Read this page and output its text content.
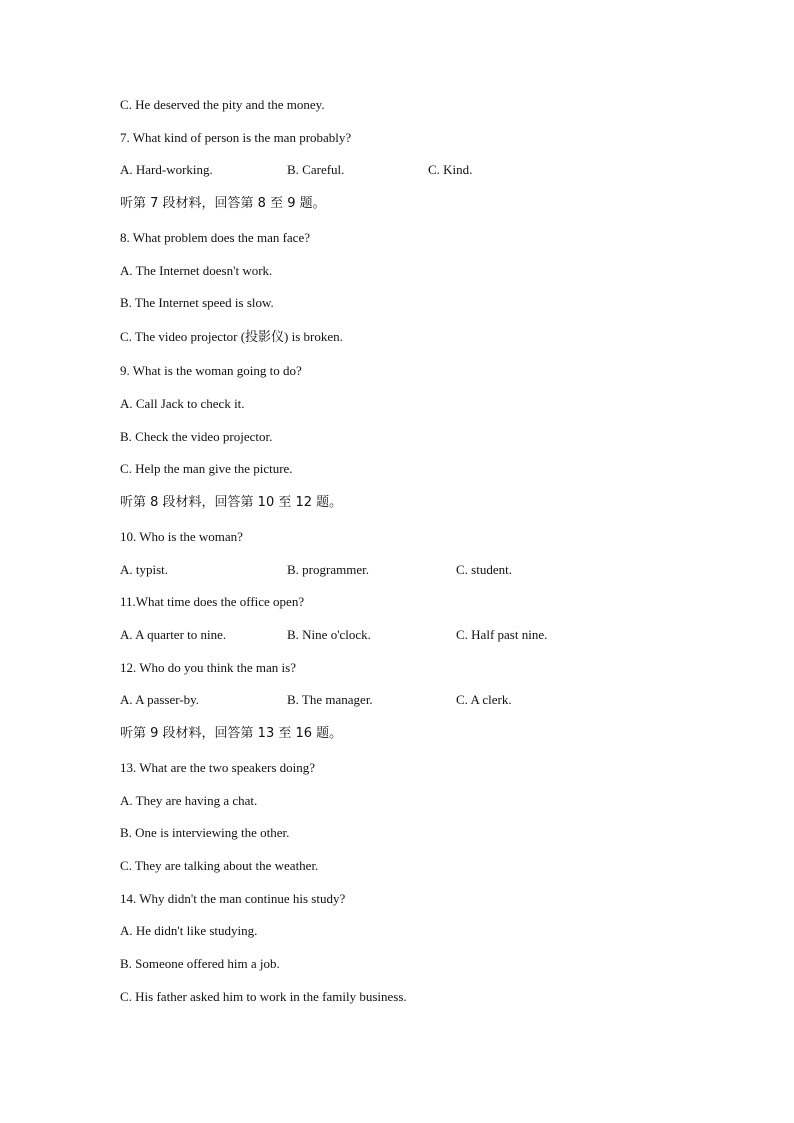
C. He deserved the pity and the money.
7. What kind of person is the man probably?
A. Hard-working.	B. Careful.	C. Kind.
听第 7 段材料，回答第 8 至 9 题。
8. What problem does the man face?
A. The Internet doesn't work.
B. The Internet speed is slow.
C. The video projector (投影仪) is broken.
9. What is the woman going to do?
A. Call Jack to check it.
B. Check the video projector.
C. Help the man give the picture.
听第 8 段材料，回答第 10 至 12 题。
10. Who is the woman?
A. typist.	B. programmer.	C. student.
11.What time does the office open?
A. A quarter to nine.	B. Nine o'clock.	C. Half past nine.
12. Who do you think the man is?
A. A passer-by.	B. The manager.	C. A clerk.
听第 9 段材料，回答第 13 至 16 题。
13. What are the two speakers doing?
A. They are having a chat.
B. One is interviewing the other.
C. They are talking about the weather.
14. Why didn't the man continue his study?
A. He didn't like studying.
B. Someone offered him a job.
C. His father asked him to work in the family business.
